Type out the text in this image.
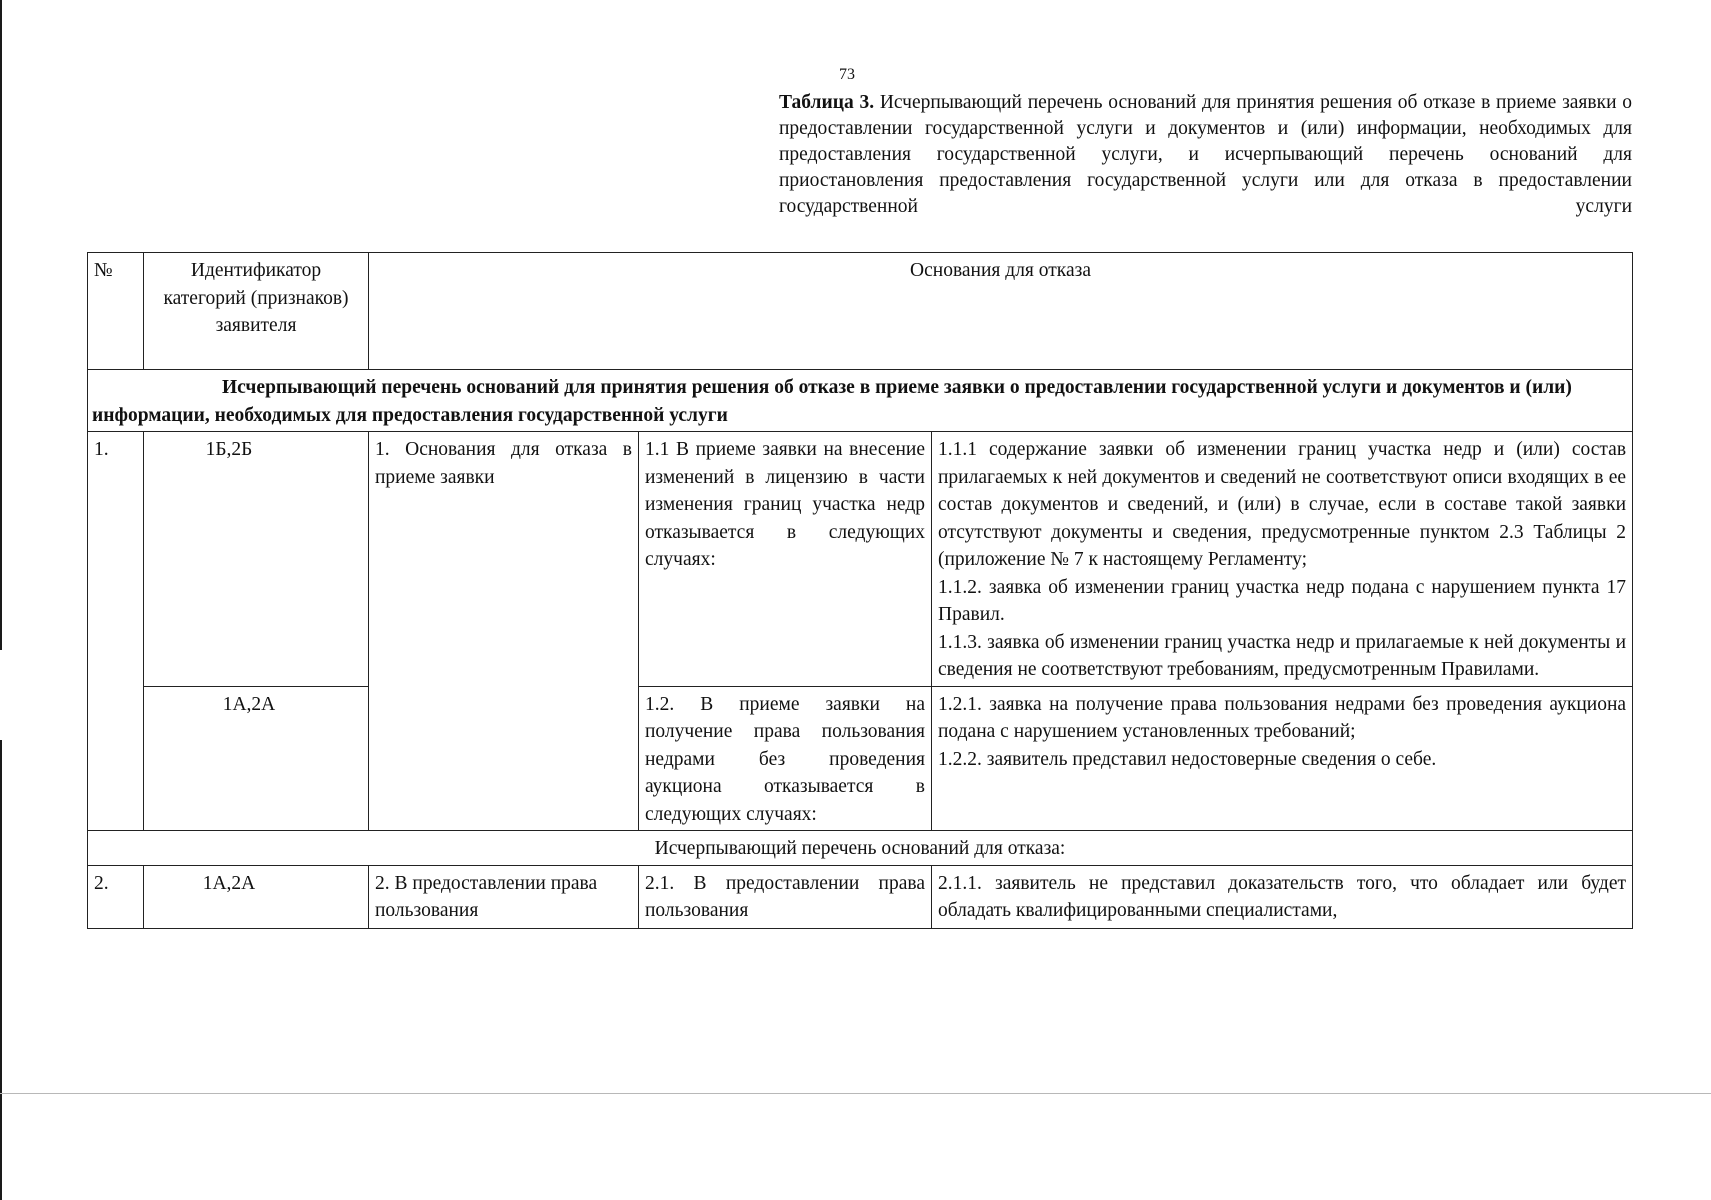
73
Таблица 3. Исчерпывающий перечень оснований для принятия решения об отказе в приеме заявки о предоставлении государственной услуги и документов и (или) информации, необходимых для предоставления государственной услуги, и исчерпывающий перечень оснований для приостановления предоставления государственной услуги или для отказа в предоставлении государственной услуги
№	Идентификатор категорий (признаков) заявителя	Основания для отказа		
Исчерпывающий перечень оснований для принятия решения об отказе в приеме заявки о предоставлении государственной услуги и документов и (или) информации, необходимых для предоставления государственной услуги				
1.	1Б,2Б	1. Основания для отказа в приеме заявки	1.1 В приеме заявки на внесение изменений в лицензию в части изменения границ участка недр отказывается в следующих случаях:	1.1.1 содержание заявки об изменении границ участка недр и (или) состав прилагаемых к ней документов и сведений не соответствуют описи входящих в ее состав документов и сведений, и (или) в случае, если в составе такой заявки отсутствуют документы и сведения, предусмотренные пунктом 2.3 Таблицы 2 (приложение № 7 к настоящему Регламенту;
1.1.2. заявка об изменении границ участка недр подана с нарушением пункта 17 Правил.
1.1.3. заявка об изменении границ участка недр и прилагаемые к ней документы и сведения не соответствуют требованиям, предусмотренным Правилами.

	1А,2А		1.2. В приеме заявки на получение права пользования недрами без проведения аукциона отказывается в следующих случаях:	1.2.1. заявка на получение права пользования недрами без проведения аукциона подана с нарушением установленных требований;
1.2.2. заявитель представил недостоверные сведения о себе.

Исчерпывающий перечень оснований для отказа:				

2.	1А,2А	2. В предоставлении права пользования	2.1. В предоставлении права пользования	2.1.1. заявитель не представил доказательств того, что обладает или будет обладать квалифицированными специалистами,
